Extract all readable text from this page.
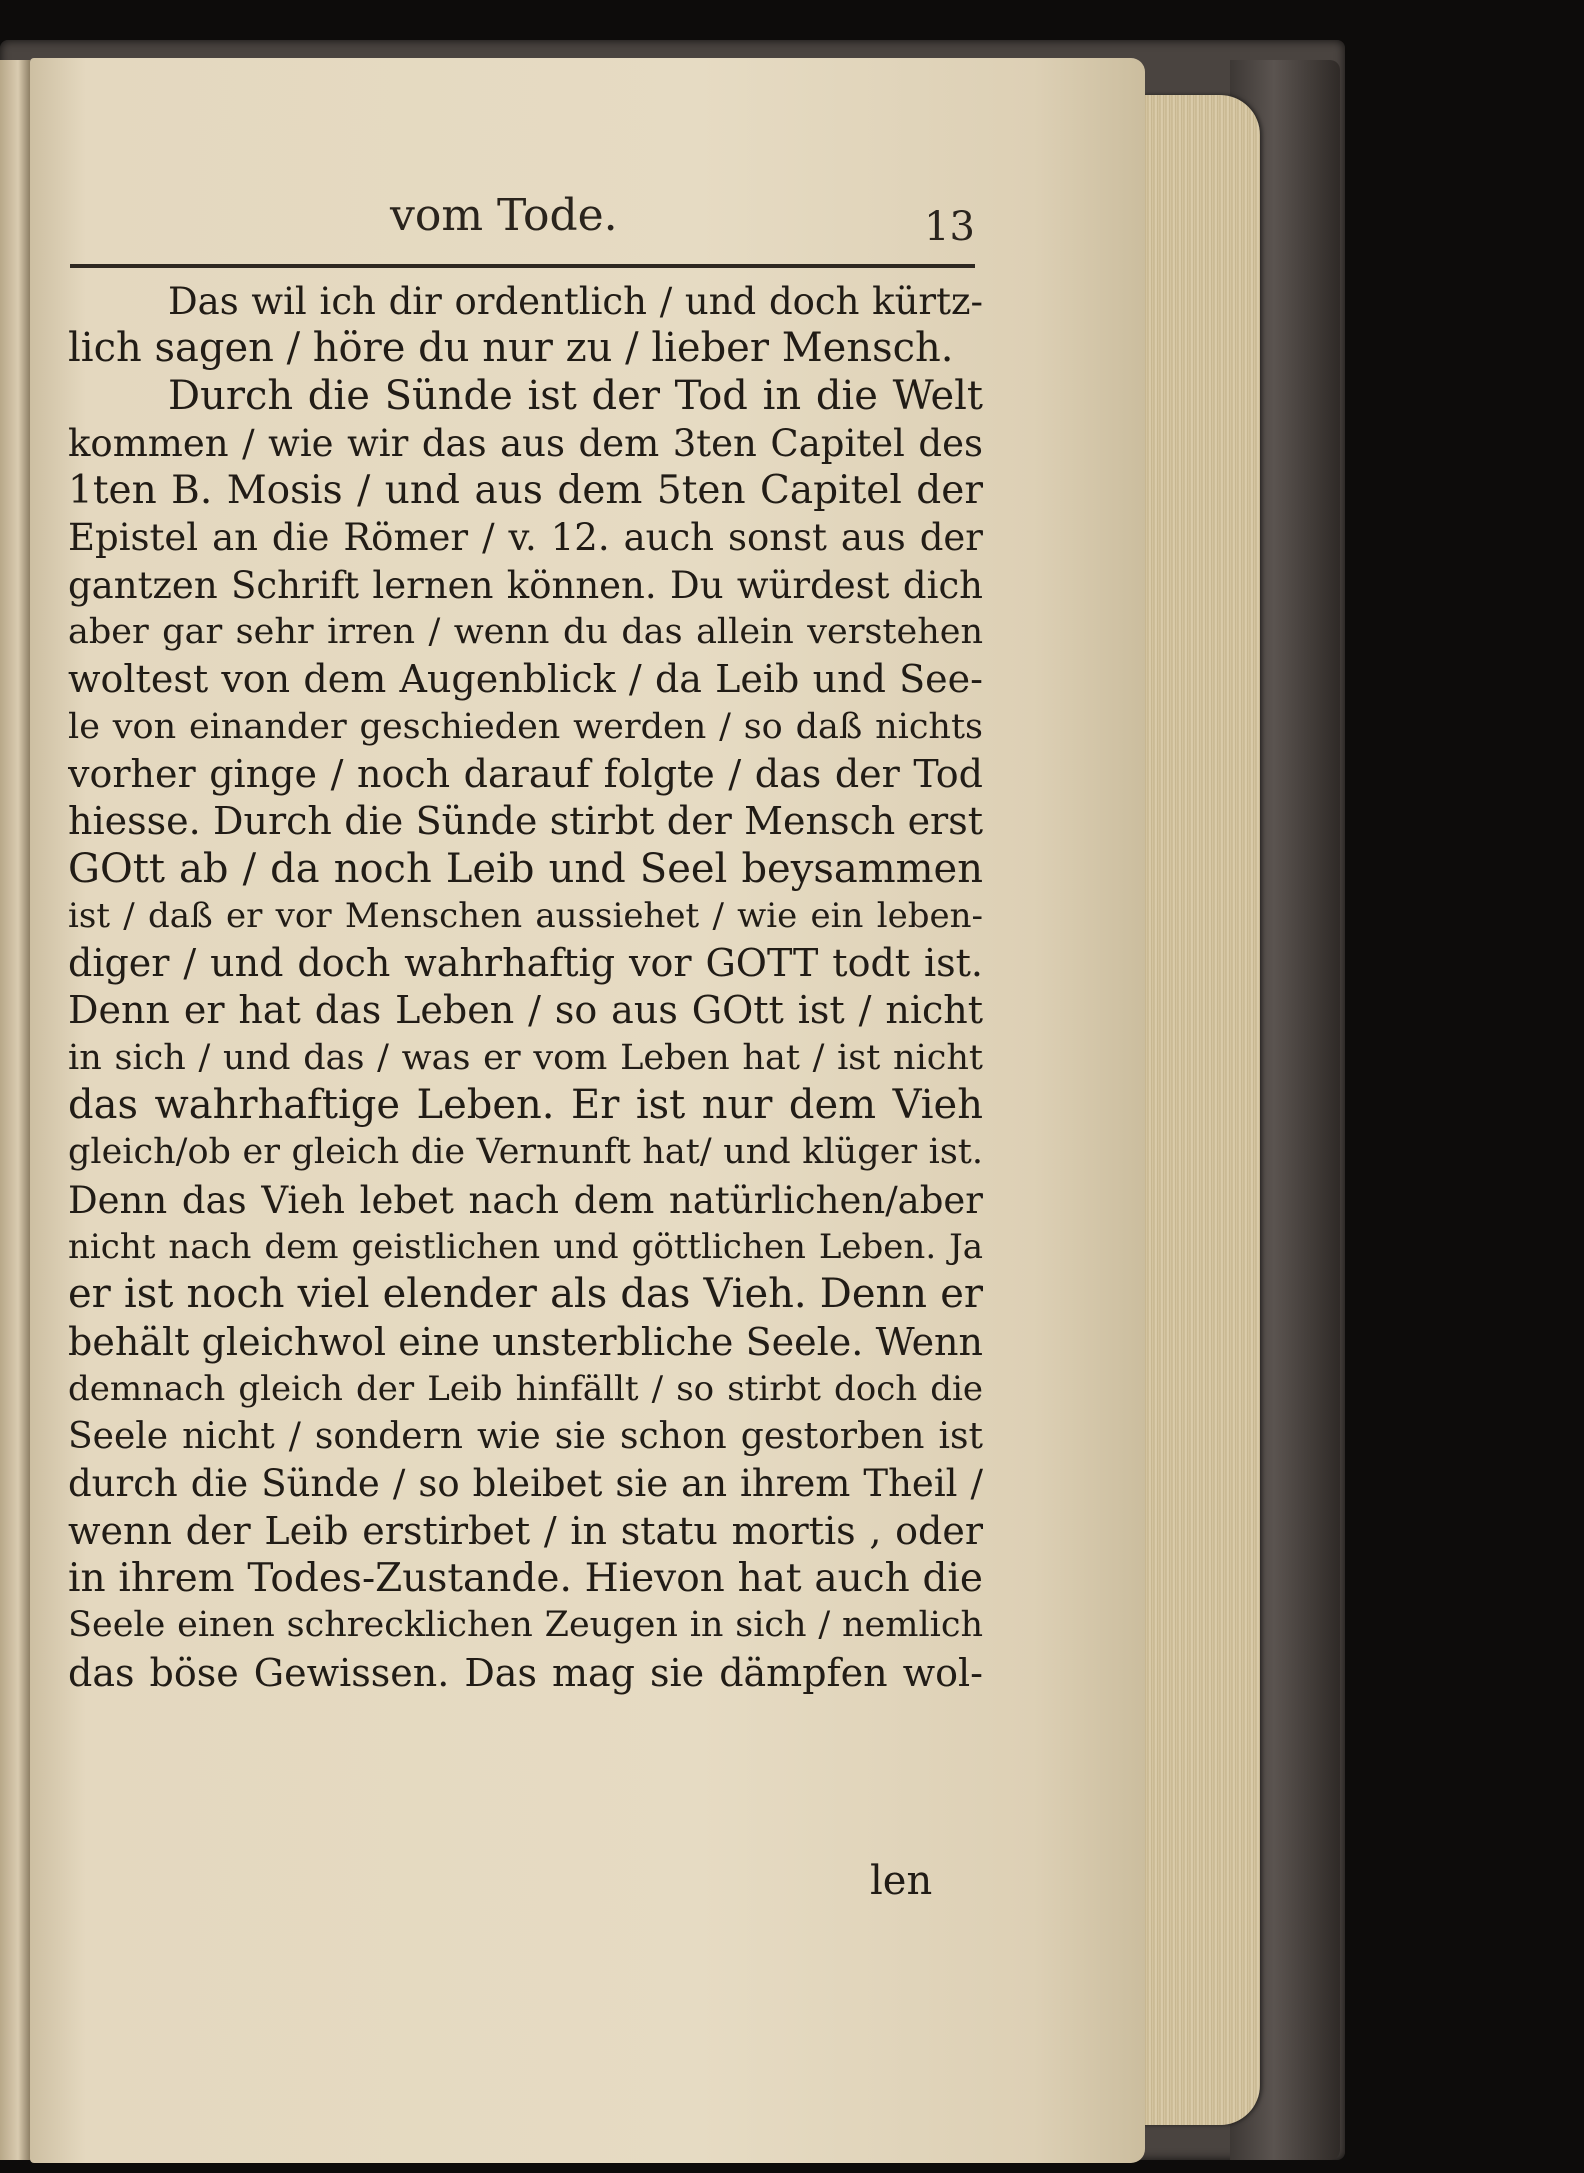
vom Tode.	13
Das wil ich dir ordentlich / und doch kürtz-
lich sagen / höre du nur zu / lieber Mensch.
Durch die Sünde ist der Tod in die Welt
kommen / wie wir das aus dem 3ten Capitel des
1ten B. Mosis / und aus dem 5ten Capitel der
Epistel an die Römer / v. 12. auch sonst aus der
gantzen Schrift lernen können. Du würdest dich
aber gar sehr irren / wenn du das allein verstehen
woltest von dem Augenblick / da Leib und See-
le von einander geschieden werden / so daß nichts
vorher ginge / noch darauf folgte / das der Tod
hiesse. Durch die Sünde stirbt der Mensch erst
GOtt ab / da noch Leib und Seel beysammen
ist / daß er vor Menschen aussiehet / wie ein leben-
diger / und doch wahrhaftig vor GOTT todt ist.
Denn er hat das Leben / so aus GOtt ist / nicht
in sich / und das / was er vom Leben hat / ist nicht
das wahrhaftige Leben. Er ist nur dem Vieh
gleich/ob er gleich die Vernunft hat/ und klüger ist.
Denn das Vieh lebet nach dem natürlichen/aber
nicht nach dem geistlichen und göttlichen Leben. Ja
er ist noch viel elender als das Vieh. Denn er
behält gleichwol eine unsterbliche Seele. Wenn
demnach gleich der Leib hinfällt / so stirbt doch die
Seele nicht / sondern wie sie schon gestorben ist
durch die Sünde / so bleibet sie an ihrem Theil /
wenn der Leib erstirbet / in statu mortis , oder
in ihrem Todes-Zustande. Hievon hat auch die
Seele einen schrecklichen Zeugen in sich / nemlich
das böse Gewissen. Das mag sie dämpfen wol-
len
